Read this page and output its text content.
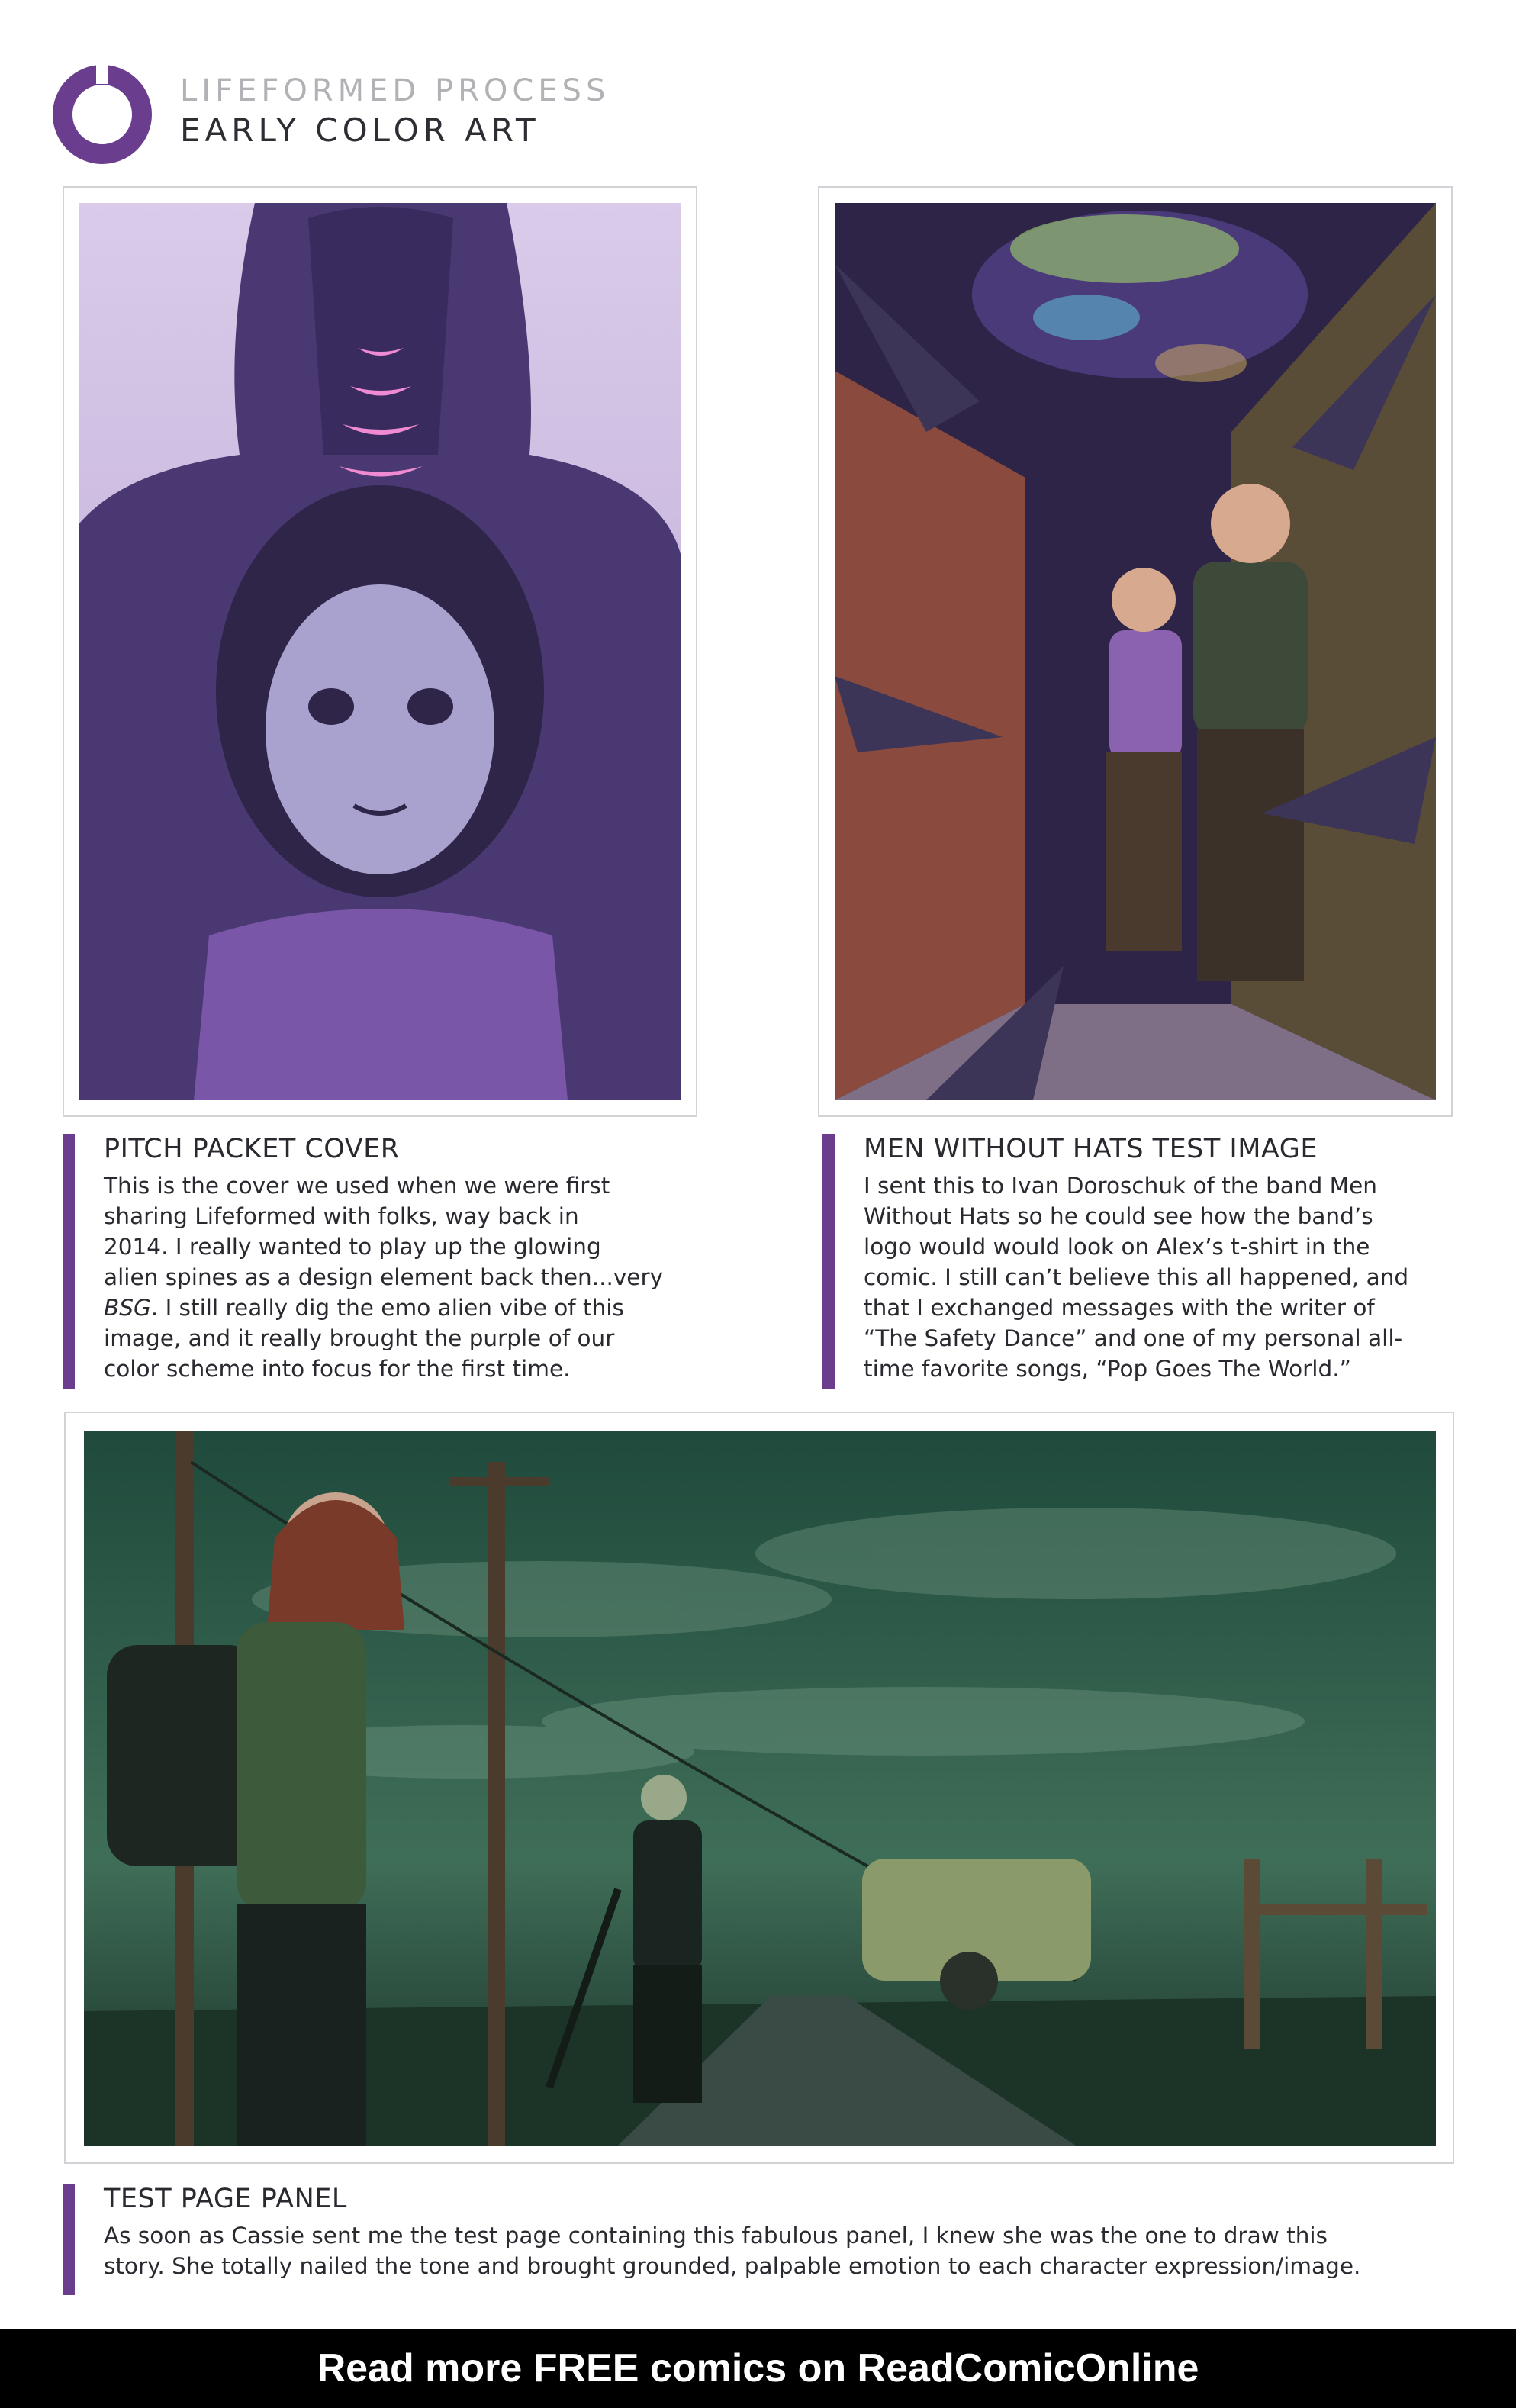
LIFEFORMED PROCESS
EARLY COLOR ART
PITCH PACKET COVER

This is the cover we used when we were first
sharing Lifeformed with folks, way back in
2014. I really wanted to play up the glowing
alien spines as a design element back then...very
BSG. I still really dig the emo alien vibe of this
image, and it really brought the purple of our
color scheme into focus for the first time.

MEN WITHOUT HATS TEST IMAGE

I sent this to Ivan Doroschuk of the band Men
Without Hats so he could see how the band’s
logo would would look on Alex’s t-shirt in the
comic. I still can’t believe this all happened, and
that I exchanged messages with the writer of
“The Safety Dance” and one of my personal all-
time favorite songs, “Pop Goes The World.”

TEST PAGE PANEL

As soon as Cassie sent me the test page containing this fabulous panel, I knew she was the one to draw this
story. She totally nailed the tone and brought grounded, palpable emotion to each character expression/image.

Read more FREE comics on ReadComicOnline
